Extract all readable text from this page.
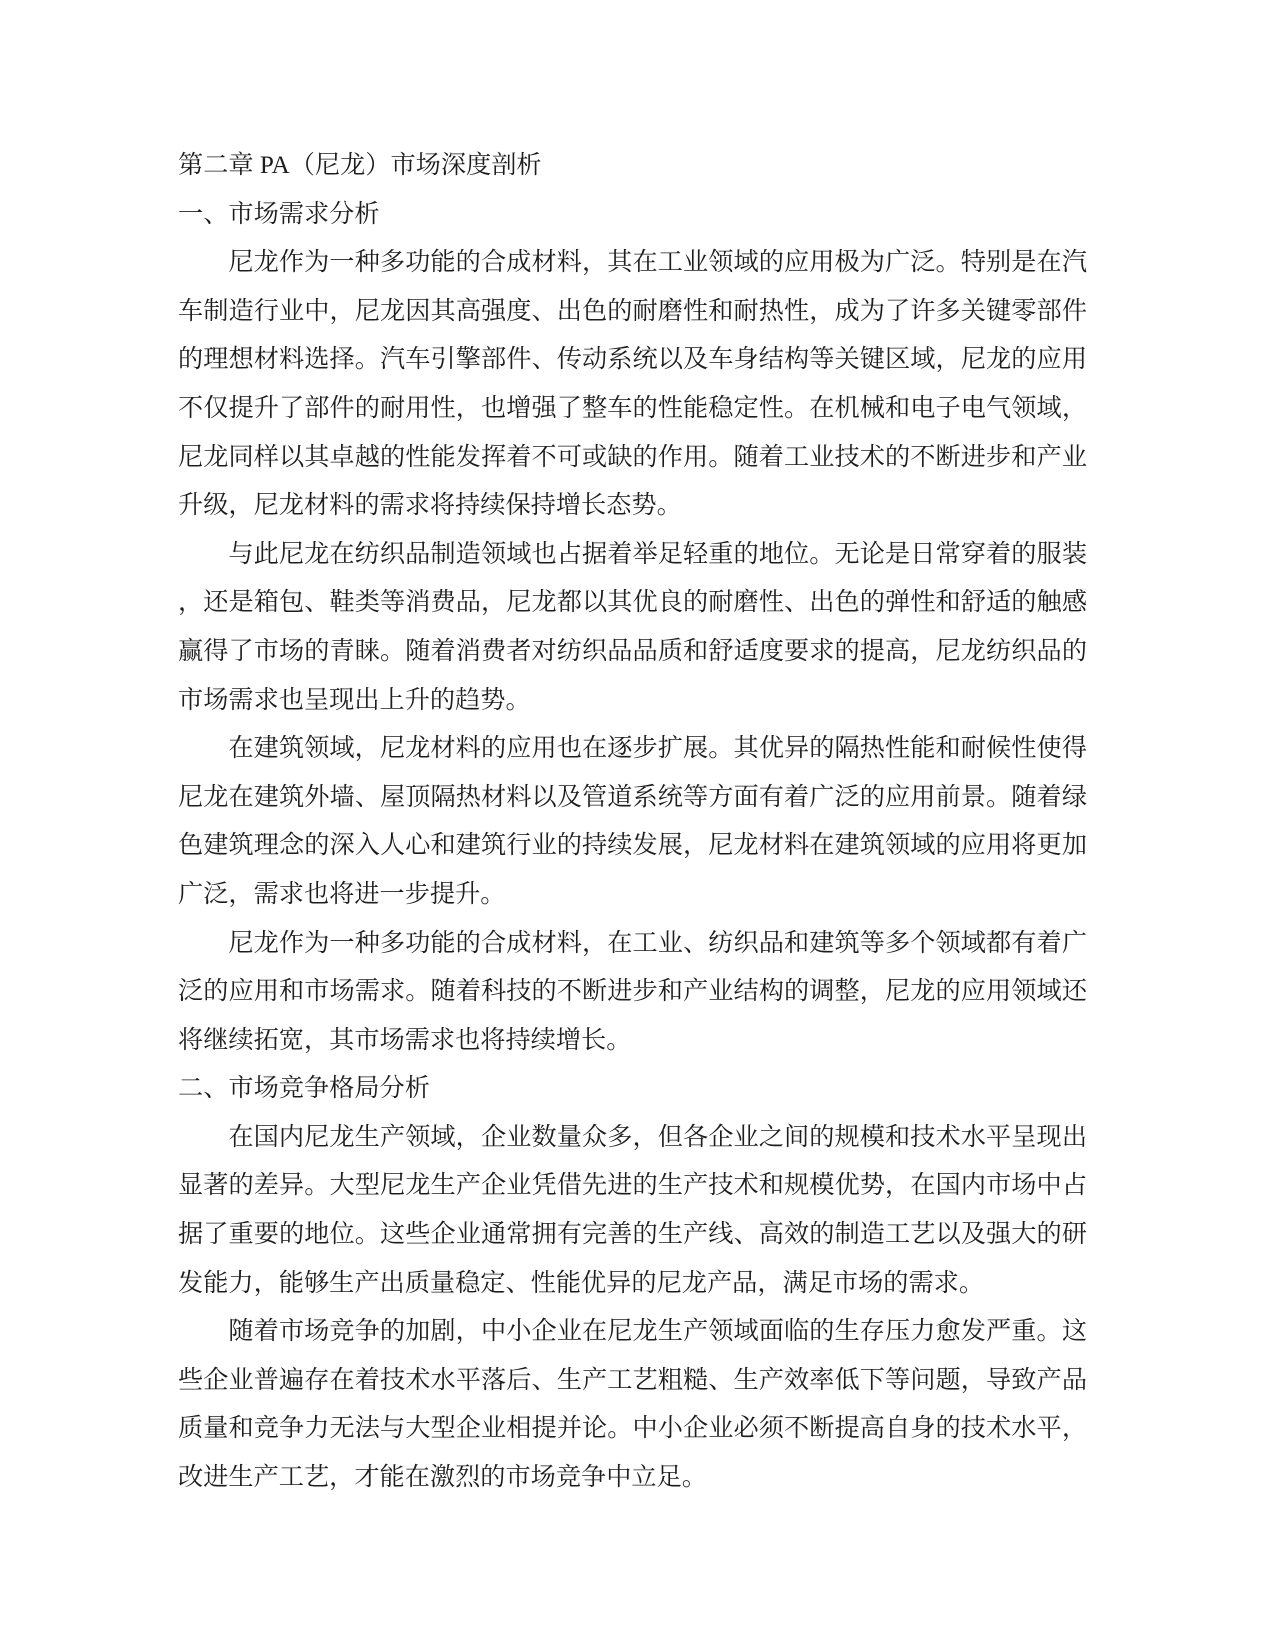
第二章 PA（尼龙）市场深度剖析

一、市场需求分析

尼龙作为一种多功能的合成材料，其在工业领域的应用极为广泛。特别是在汽车制造行业中，尼龙因其高强度、出色的耐磨性和耐热性，成为了许多关键零部件的理想材料选择。汽车引擎部件、传动系统以及车身结构等关键区域，尼龙的应用不仅提升了部件的耐用性，也增强了整车的性能稳定性。在机械和电子电气领域，尼龙同样以其卓越的性能发挥着不可或缺的作用。随着工业技术的不断进步和产业升级，尼龙材料的需求将持续保持增长态势。

与此尼龙在纺织品制造领域也占据着举足轻重的地位。无论是日常穿着的服装，还是箱包、鞋类等消费品，尼龙都以其优良的耐磨性、出色的弹性和舒适的触感赢得了市场的青睐。随着消费者对纺织品品质和舒适度要求的提高，尼龙纺织品的市场需求也呈现出上升的趋势。

在建筑领域，尼龙材料的应用也在逐步扩展。其优异的隔热性能和耐候性使得尼龙在建筑外墙、屋顶隔热材料以及管道系统等方面有着广泛的应用前景。随着绿色建筑理念的深入人心和建筑行业的持续发展，尼龙材料在建筑领域的应用将更加广泛，需求也将进一步提升。

尼龙作为一种多功能的合成材料，在工业、纺织品和建筑等多个领域都有着广泛的应用和市场需求。随着科技的不断进步和产业结构的调整，尼龙的应用领域还将继续拓宽，其市场需求也将持续增长。

二、市场竞争格局分析

在国内尼龙生产领域，企业数量众多，但各企业之间的规模和技术水平呈现出显著的差异。大型尼龙生产企业凭借先进的生产技术和规模优势，在国内市场中占据了重要的地位。这些企业通常拥有完善的生产线、高效的制造工艺以及强大的研发能力，能够生产出质量稳定、性能优异的尼龙产品，满足市场的需求。

随着市场竞争的加剧，中小企业在尼龙生产领域面临的生存压力愈发严重。这些企业普遍存在着技术水平落后、生产工艺粗糙、生产效率低下等问题，导致产品质量和竞争力无法与大型企业相提并论。中小企业必须不断提高自身的技术水平，改进生产工艺，才能在激烈的市场竞争中立足。
